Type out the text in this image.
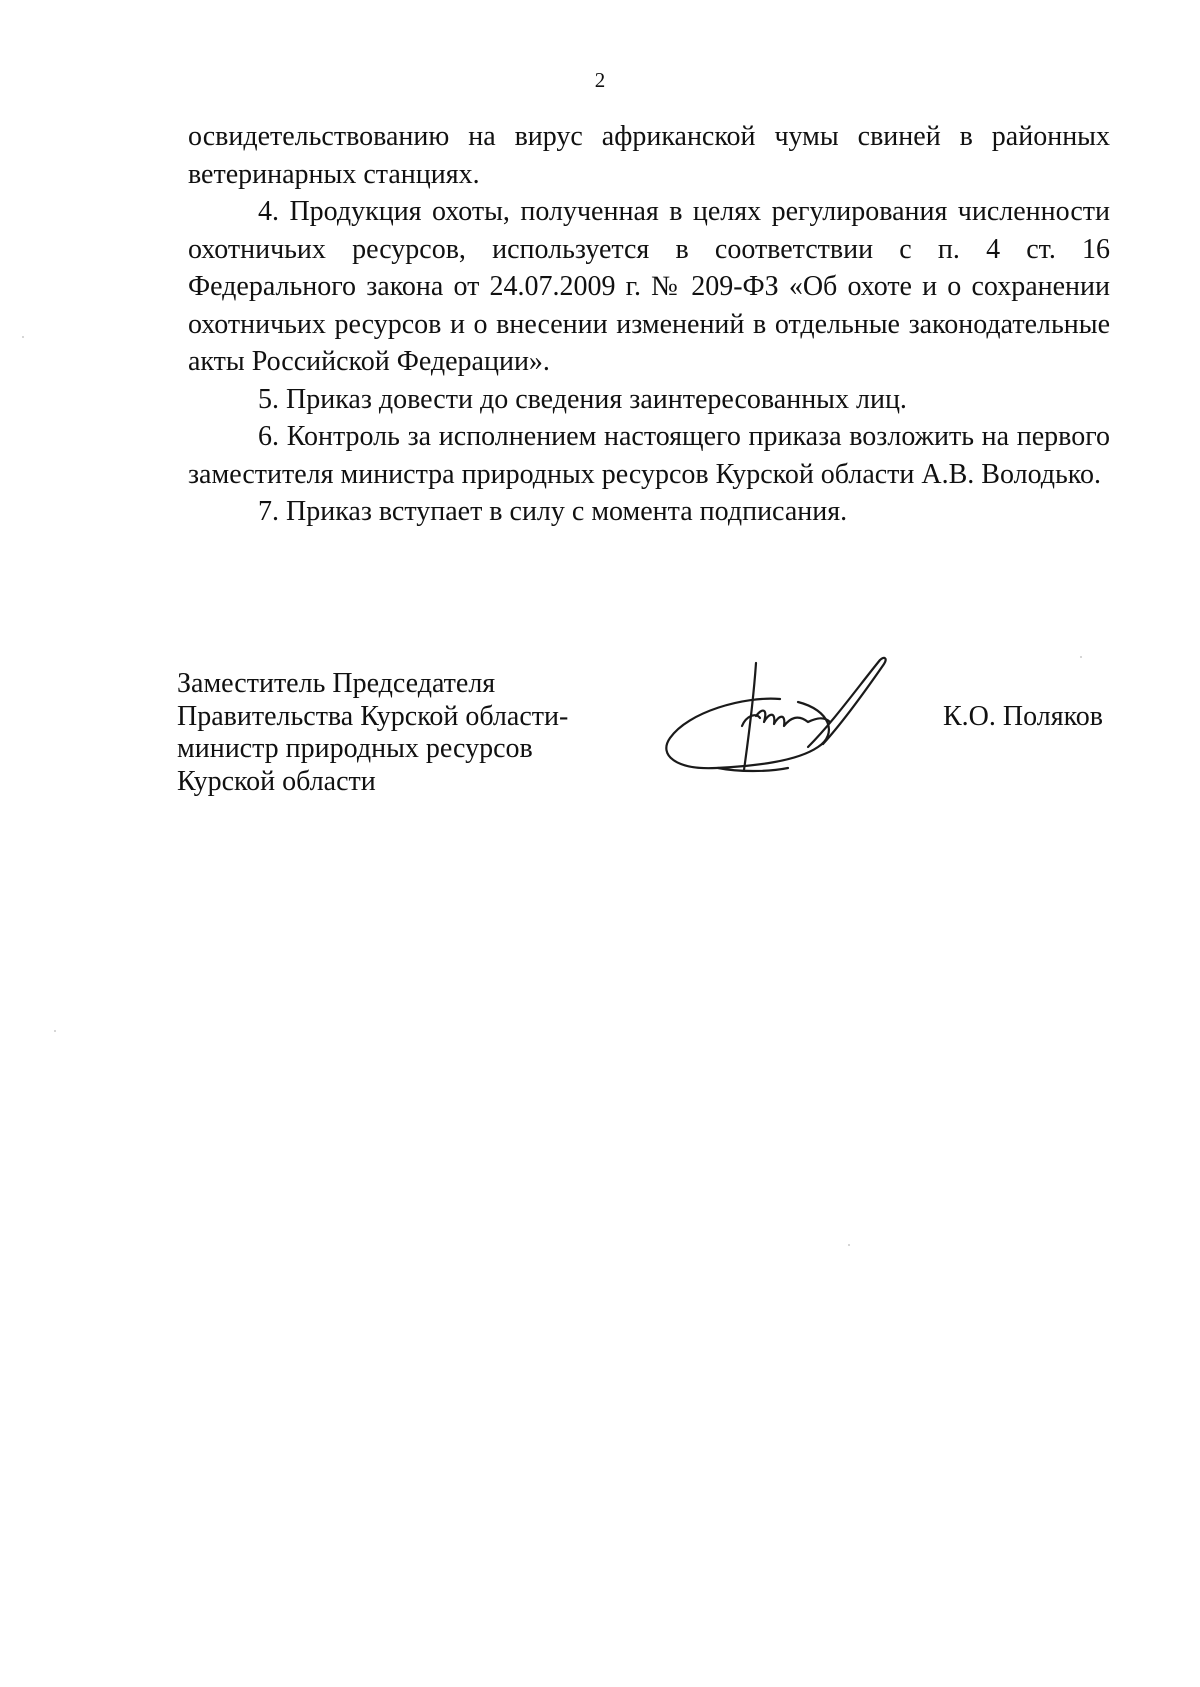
2

освидетельствованию на вирус африканской чумы свиней в районных ветеринарных станциях.

4. Продукция охоты, полученная в целях регулирования численности охотничьих ресурсов, используется в соответствии с п. 4 ст. 16 Федерального закона от 24.07.2009 г. № 209-ФЗ «Об охоте и о сохранении охотничьих ресурсов и о внесении изменений в отдельные законодательные акты Российской Федерации».

5. Приказ довести до сведения заинтересованных лиц.

6. Контроль за исполнением настоящего приказа возложить на первого заместителя министра природных ресурсов Курской области А.В. Володько.

7. Приказ вступает в силу с момента подписания.

Заместитель Председателя
Правительства Курской области-
министр природных ресурсов
Курской области
К.О. Поляков
